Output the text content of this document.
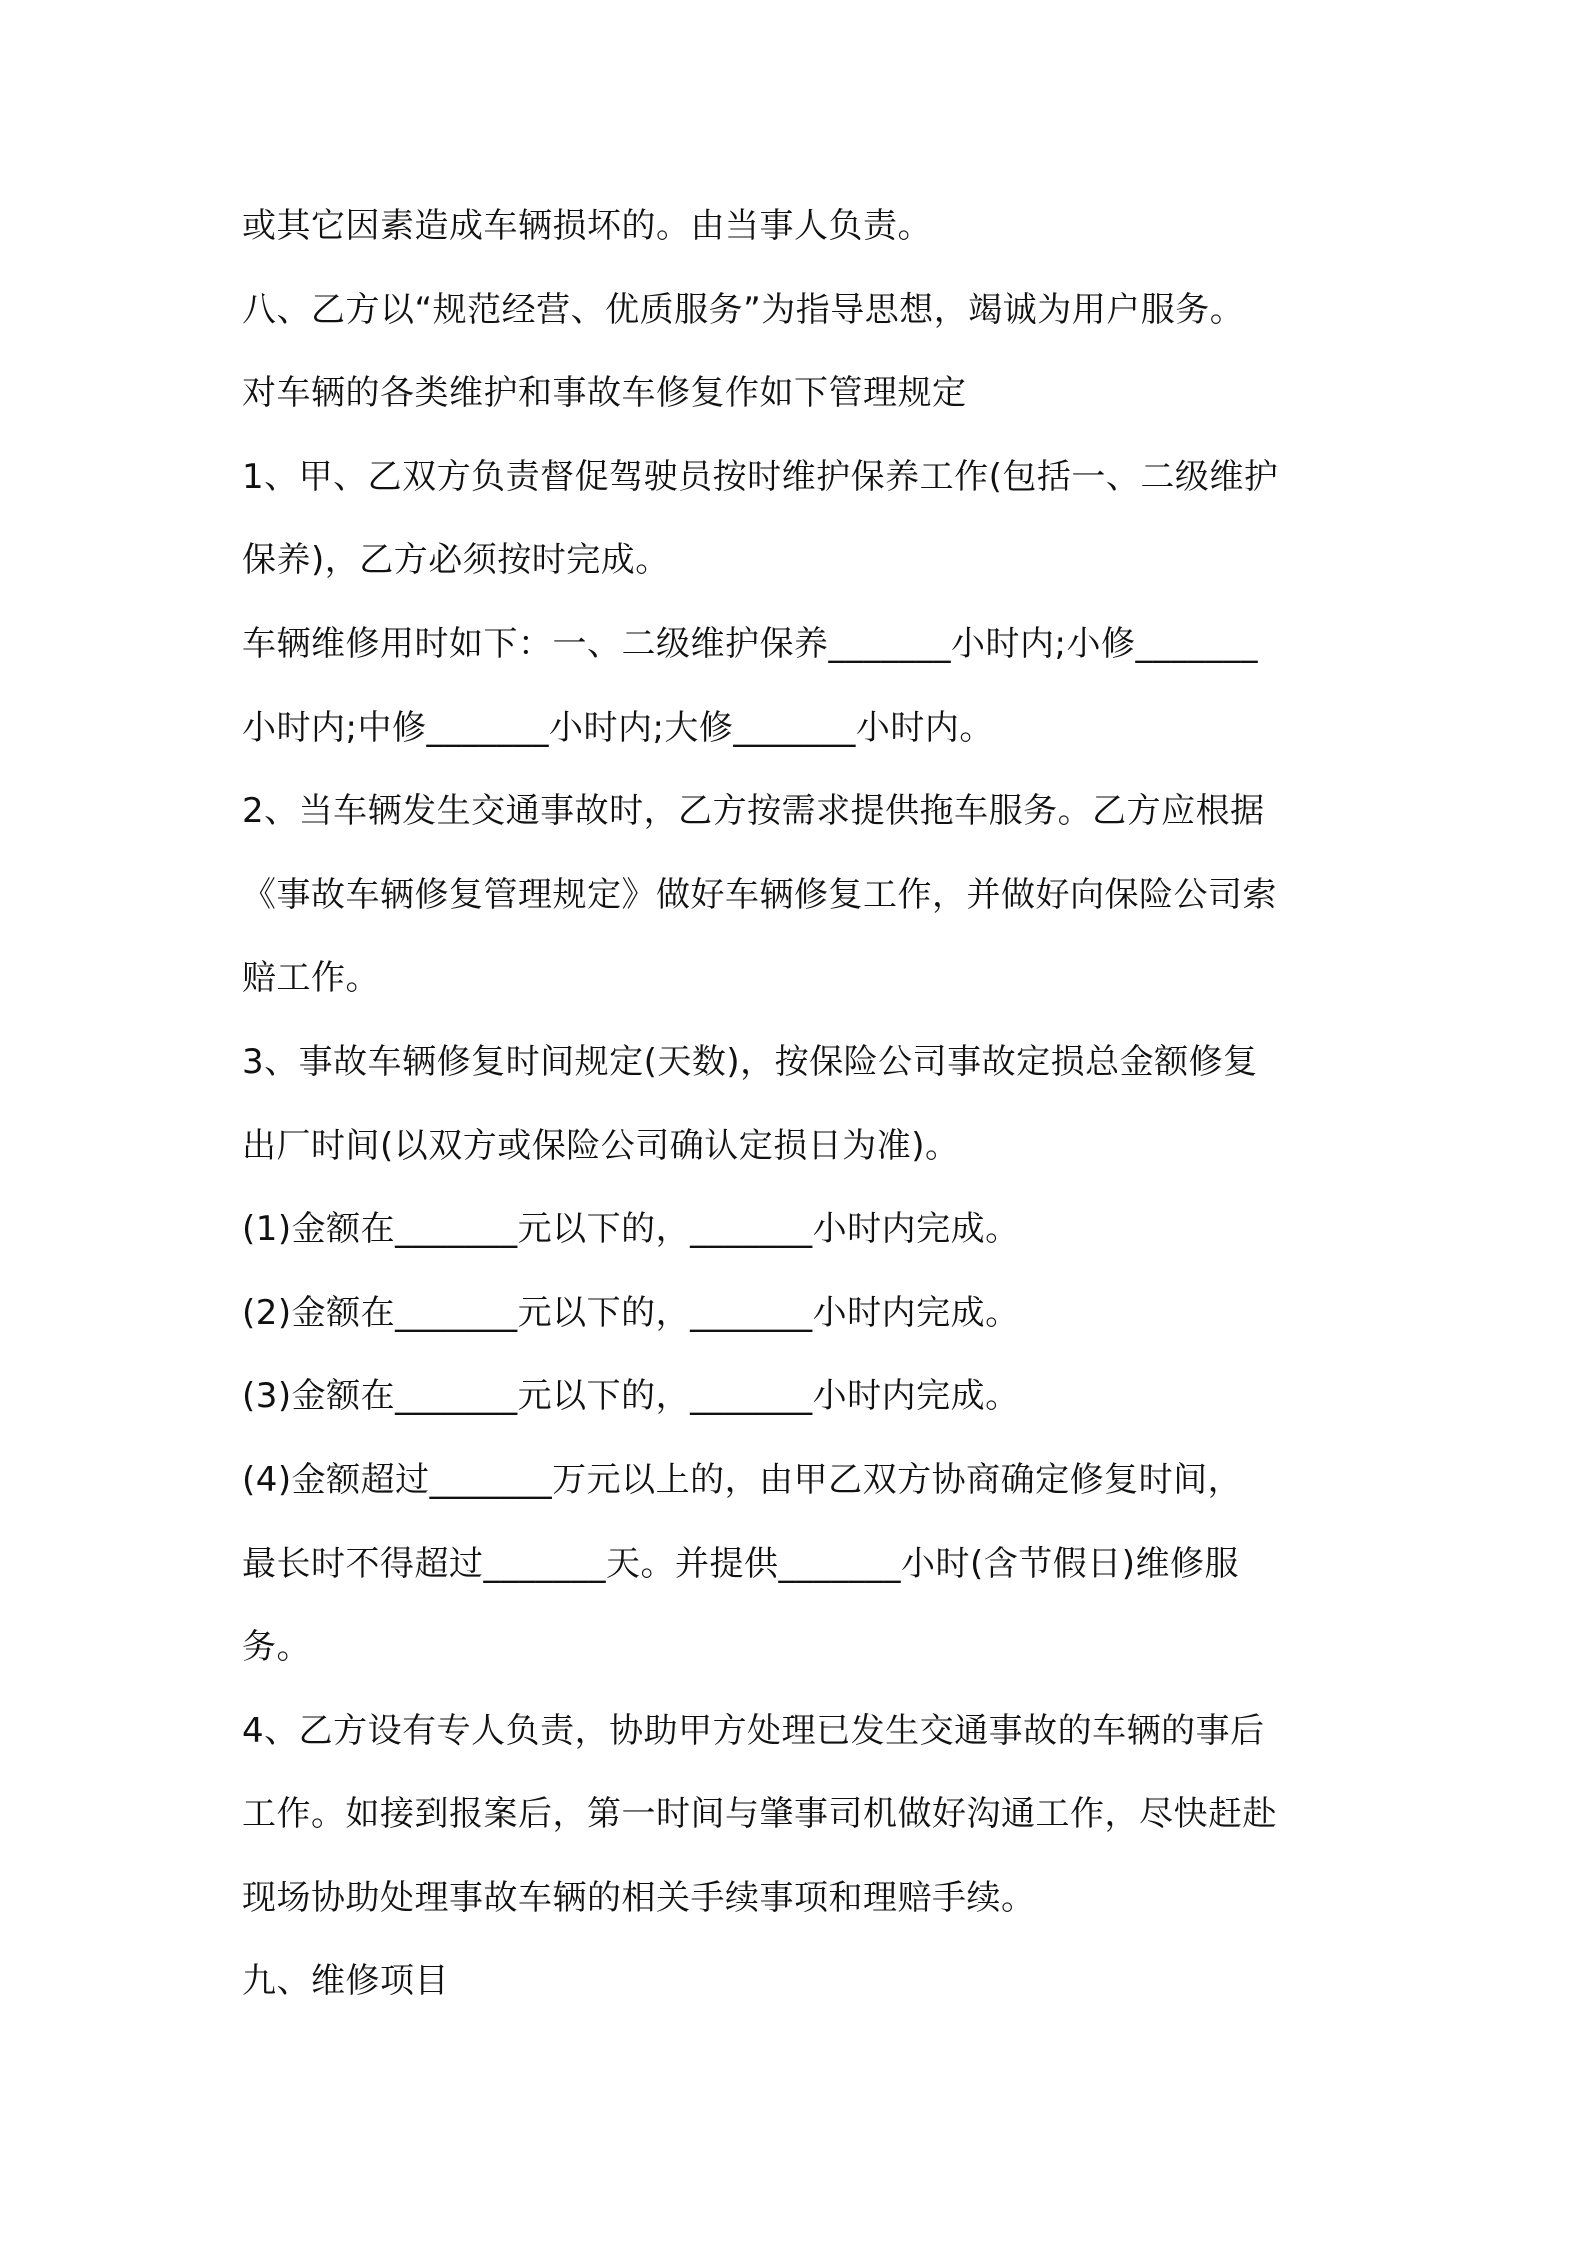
或其它因素造成车辆损坏的。由当事人负责。
八、乙方以“规范经营、优质服务”为指导思想，竭诚为用户服务。
对车辆的各类维护和事故车修复作如下管理规定
1、甲、乙双方负责督促驾驶员按时维护保养工作(包括一、二级维护
保养)，乙方必须按时完成。
车辆维修用时如下：一、二级维护保养_______小时内;小修_______
小时内;中修_______小时内;大修_______小时内。
2、当车辆发生交通事故时，乙方按需求提供拖车服务。乙方应根据
《事故车辆修复管理规定》做好车辆修复工作，并做好向保险公司索
赔工作。
3、事故车辆修复时间规定(天数)，按保险公司事故定损总金额修复
出厂时间(以双方或保险公司确认定损日为准)。
(1)金额在_______元以下的，_______小时内完成。
(2)金额在_______元以下的，_______小时内完成。
(3)金额在_______元以下的，_______小时内完成。
(4)金额超过_______万元以上的，由甲乙双方协商确定修复时间，
最长时不得超过_______天。并提供_______小时(含节假日)维修服
务。
4、乙方设有专人负责，协助甲方处理已发生交通事故的车辆的事后
工作。如接到报案后，第一时间与肇事司机做好沟通工作，尽快赶赴
现场协助处理事故车辆的相关手续事项和理赔手续。
九、维修项目
